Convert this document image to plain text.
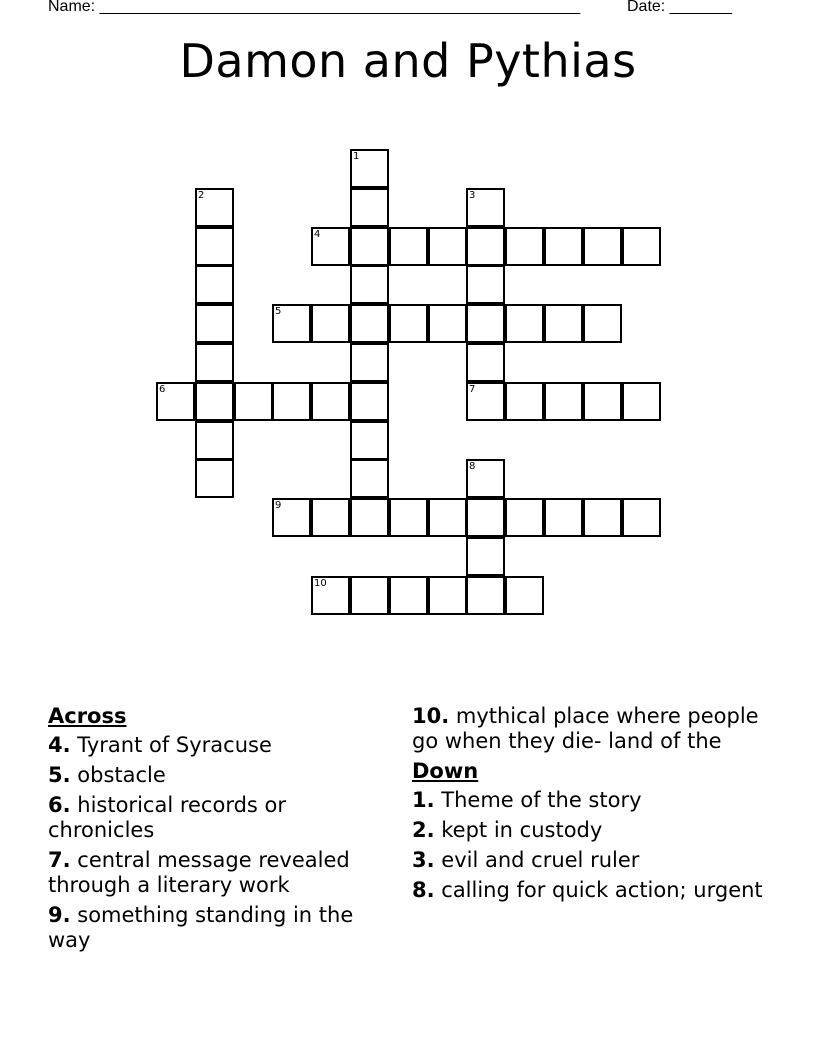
Name: ______________________________________________________	Date: _______
Damon and Pythias
4
5
6	7
9
10
1
2	3
8
Across
4. Tyrant of Syracuse
5. obstacle
6. historical records or chronicles
7. central message revealed through a literary work
9. something standing in the way
10. mythical place where people go when they die- land of the
Down
1. Theme of the story
2. kept in custody
3. evil and cruel ruler
8. calling for quick action; urgent
